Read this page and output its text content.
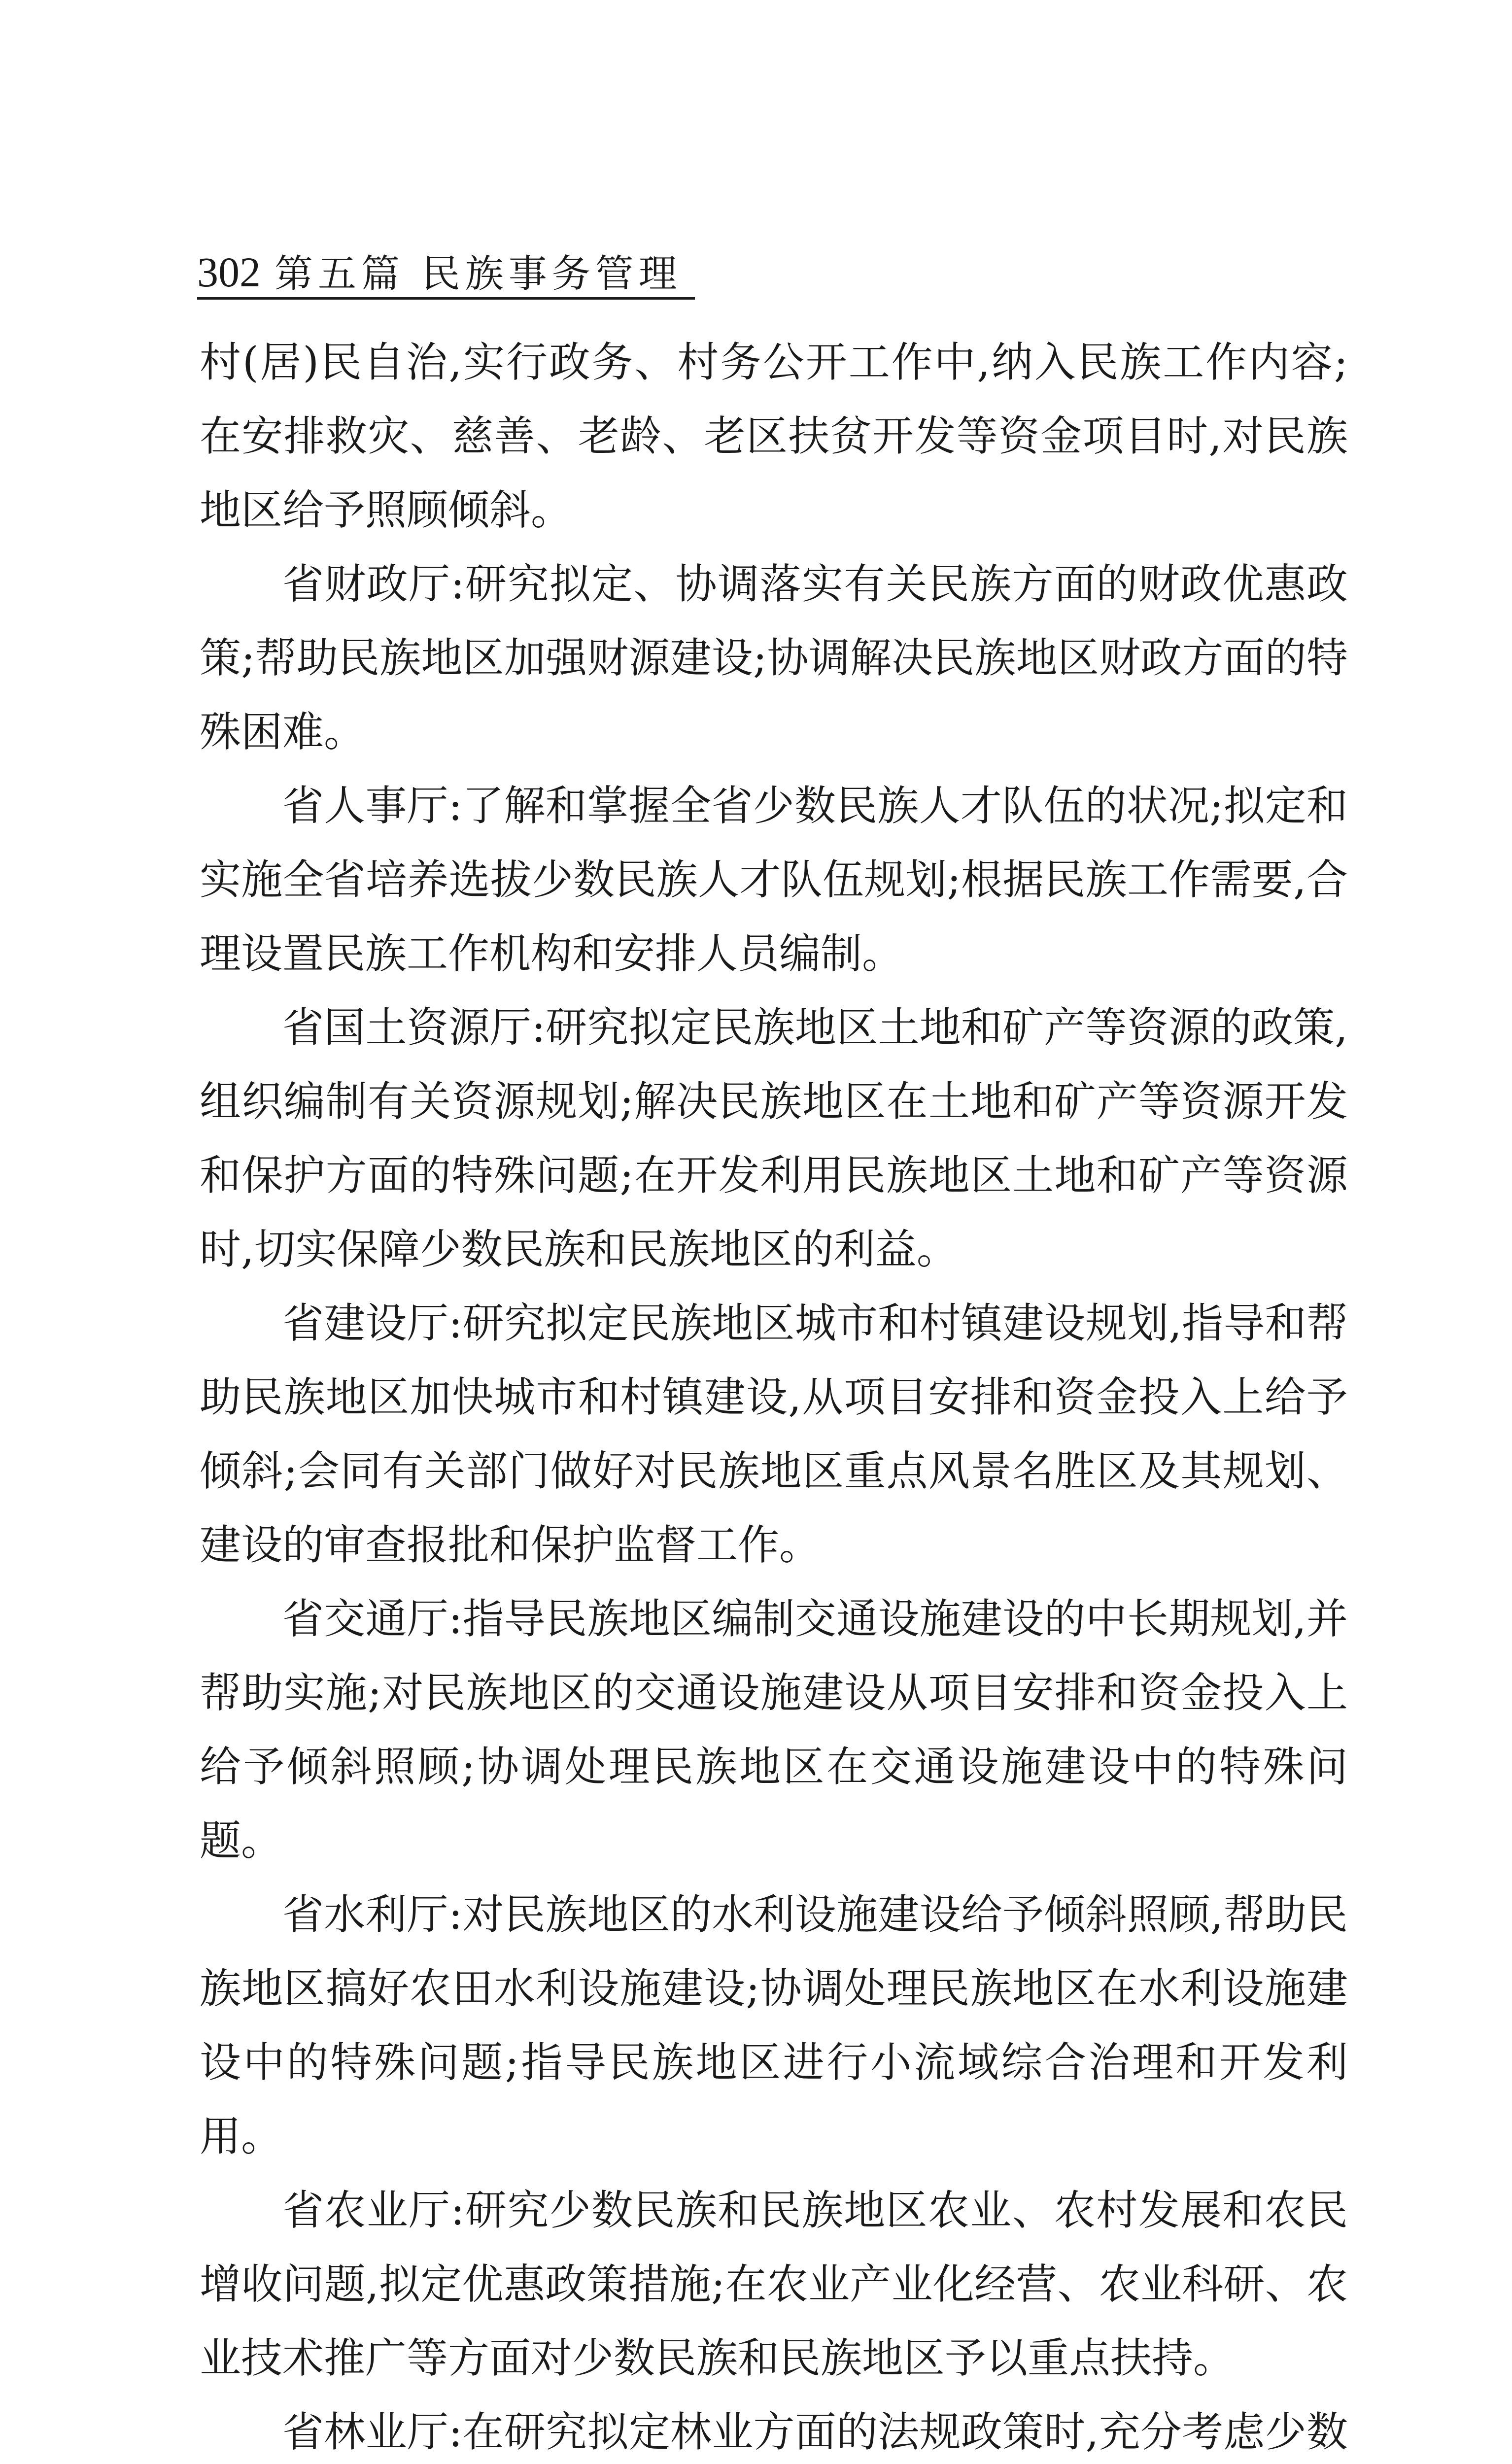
302 第五篇 民族事务管理

村(居)民自治,实行政务、村务公开工作中,纳入民族工作内容;在安排救灾、慈善、老龄、老区扶贫开发等资金项目时,对民族地区给予照顾倾斜。

省财政厅:研究拟定、协调落实有关民族方面的财政优惠政策;帮助民族地区加强财源建设;协调解决民族地区财政方面的特殊困难。

省人事厅:了解和掌握全省少数民族人才队伍的状况;拟定和实施全省培养选拔少数民族人才队伍规划;根据民族工作需要,合理设置民族工作机构和安排人员编制。

省国土资源厅:研究拟定民族地区土地和矿产等资源的政策,组织编制有关资源规划;解决民族地区在土地和矿产等资源开发和保护方面的特殊问题;在开发利用民族地区土地和矿产等资源时,切实保障少数民族和民族地区的利益。

省建设厅:研究拟定民族地区城市和村镇建设规划,指导和帮助民族地区加快城市和村镇建设,从项目安排和资金投入上给予倾斜;会同有关部门做好对民族地区重点风景名胜区及其规划、建设的审查报批和保护监督工作。

省交通厅:指导民族地区编制交通设施建设的中长期规划,并帮助实施;对民族地区的交通设施建设从项目安排和资金投入上给予倾斜照顾;协调处理民族地区在交通设施建设中的特殊问题。

省水利厅:对民族地区的水利设施建设给予倾斜照顾,帮助民族地区搞好农田水利设施建设;协调处理民族地区在水利设施建设中的特殊问题;指导民族地区进行小流域综合治理和开发利用。

省农业厅:研究少数民族和民族地区农业、农村发展和农民增收问题,拟定优惠政策措施;在农业产业化经营、农业科研、农业技术推广等方面对少数民族和民族地区予以重点扶持。

省林业厅:在研究拟定林业方面的法规政策时,充分考虑少数
